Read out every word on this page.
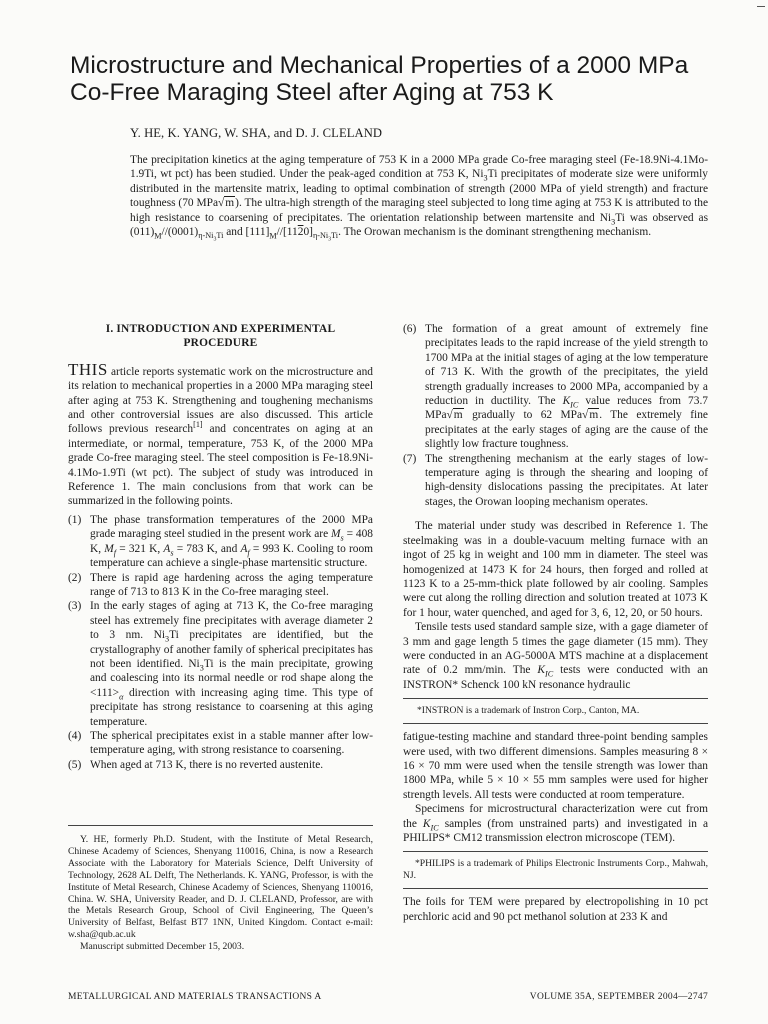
Microstructure and Mechanical Properties of a 2000 MPa Co-Free Maraging Steel after Aging at 753 K
Y. HE, K. YANG, W. SHA, and D. J. CLELAND

The precipitation kinetics at the aging temperature of 753 K in a 2000 MPa grade Co-free maraging steel (Fe-18.9Ni-4.1Mo-1.9Ti, wt pct) has been studied. Under the peak-aged condition at 753 K, $Ni_3Ti$ precipitates of moderate size were uniformly distributed in the martensite matrix, leading to optimal combination of strength (2000 MPa of yield strength) and fracture toughness (70 MPa√m). The ultra-high strength of the maraging steel subjected to long time aging at 753 K is attributed to the high resistance to coarsening of precipitates. The orientation relationship between martensite and $Ni_3Ti$ was observed as $(011)_M//(0001)_{\eta-Ni_3Ti}$ and $[111]_M//[1120]_{\eta-Ni_3Ti}$. The Orowan mechanism is the dominant strengthening mechanism.

I. INTRODUCTION AND EXPERIMENTAL PROCEDURE

THIS article reports systematic work on the microstructure and its relation to mechanical properties in a 2000 MPa maraging steel after aging at 753 K. Strengthening and toughening mechanisms and other controversial issues are also discussed. This article follows previous research[1] and concentrates on aging at an intermediate, or normal, temperature, 753 K, of the 2000 MPa grade Co-free maraging steel. The steel composition is Fe-18.9Ni-4.1Mo-1.9Ti (wt pct). The subject of study was introduced in Reference 1. The main conclusions from that work can be summarized in the following points.

(1) The phase transformation temperatures of the 2000 MPa grade maraging steel studied in the present work are $M_s = 408$ K, $M_f = 321$ K, $A_s = 783$ K, and $A_f = 993$ K. Cooling to room temperature can achieve a single-phase martensitic structure.
(2) There is rapid age hardening across the aging temperature range of 713 to 813 K in the Co-free maraging steel.
(3) In the early stages of aging at 713 K, the Co-free maraging steel has extremely fine precipitates with average diameter 2 to 3 nm. $Ni_3Ti$ precipitates are identified, but the crystallography of another family of spherical precipitates has not been identified. $Ni_3Ti$ is the main precipitate, growing and coalescing into its normal needle or rod shape along the $<111>_\alpha$ direction with increasing aging time. This type of precipitate has strong resistance to coarsening at this aging temperature.
(4) The spherical precipitates exist in a stable manner after low-temperature aging, with strong resistance to coarsening.
(5) When aged at 713 K, there is no reverted austenite.

Y. HE, formerly Ph.D. Student, with the Institute of Metal Research, Chinese Academy of Sciences, Shenyang 110016, China, is now a Research Associate with the Laboratory for Materials Science, Delft University of Technology, 2628 AL Delft, The Netherlands. K. YANG, Professor, is with the Institute of Metal Research, Chinese Academy of Sciences, Shenyang 110016, China. W. SHA, University Reader, and D. J. CLELAND, Professor, are with the Metals Research Group, School of Civil Engineering, The Queen’s University of Belfast, Belfast BT7 1NN, United Kingdom. Contact e-mail: w.sha@qub.ac.uk

Manuscript submitted December 15, 2003.

(6) The formation of a great amount of extremely fine precipitates leads to the rapid increase of the yield strength to 1700 MPa at the initial stages of aging at the low temperature of 713 K. With the growth of the precipitates, the yield strength gradually increases to 2000 MPa, accompanied by a reduction in ductility. The $K_{IC}$ value reduces from 73.7 MPa√m gradually to 62 MPa√m. The extremely fine precipitates at the early stages of aging are the cause of the slightly low fracture toughness.
(7) The strengthening mechanism at the early stages of low-temperature aging is through the shearing and looping of high-density dislocations passing the precipitates. At later stages, the Orowan looping mechanism operates.

The material under study was described in Reference 1. The steelmaking was in a double-vacuum melting furnace with an ingot of 25 kg in weight and 100 mm in diameter. The steel was homogenized at 1473 K for 24 hours, then forged and rolled at 1123 K to a 25-mm-thick plate followed by air cooling. Samples were cut along the rolling direction and solution treated at 1073 K for 1 hour, water quenched, and aged for 3, 6, 12, 20, or 50 hours.

Tensile tests used standard sample size, with a gage diameter of 3 mm and gage length 5 times the gage diameter (15 mm). They were conducted in an AG-5000A MTS machine at a displacement rate of 0.2 mm/min. The $K_{IC}$ tests were conducted with an INSTRON* Schenck 100 kN resonance hydraulic

*INSTRON is a trademark of Instron Corp., Canton, MA.

fatigue-testing machine and standard three-point bending samples were used, with two different dimensions. Samples measuring 8 × 16 × 70 mm were used when the tensile strength was lower than 1800 MPa, while 5 × 10 × 55 mm samples were used for higher strength levels. All tests were conducted at room temperature.

Specimens for microstructural characterization were cut from the $K_{IC}$ samples (from unstrained parts) and investigated in a PHILIPS* CM12 transmission electron microscope (TEM).

*PHILIPS is a trademark of Philips Electronic Instruments Corp., Mahwah, NJ.

The foils for TEM were prepared by electropolishing in 10 pct perchloric acid and 90 pct methanol solution at 233 K and

METALLURGICAL AND MATERIALS TRANSACTIONS A	VOLUME 35A, SEPTEMBER 2004—2747
